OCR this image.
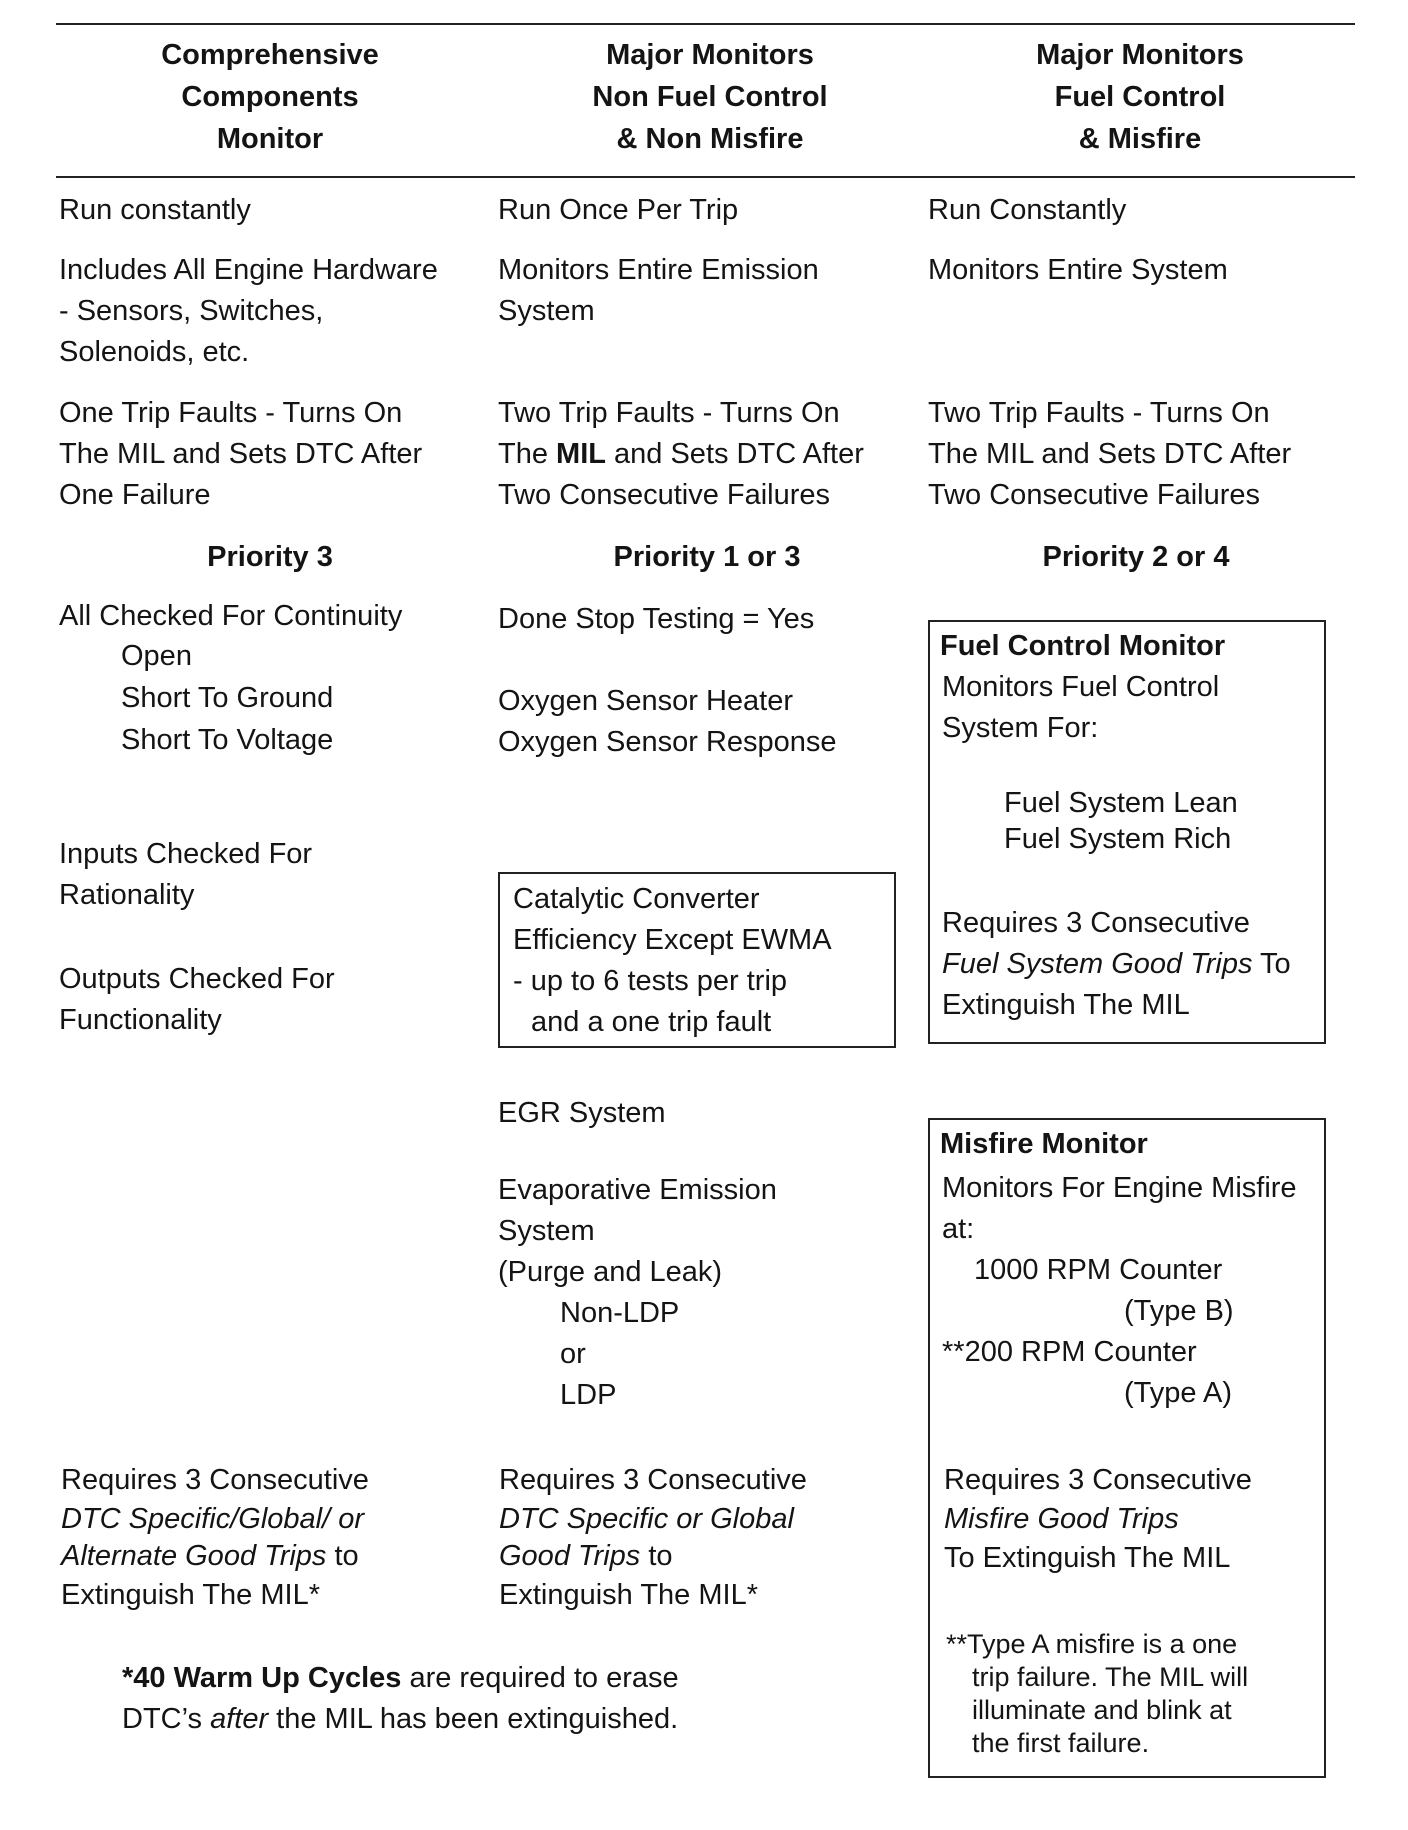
Comprehensive
Components
Monitor
Major Monitors
Non Fuel Control
& Non Misfire
Major Monitors
Fuel Control
& Misfire
Run constantly
Includes All Engine Hardware
- Sensors, Switches,
Solenoids, etc.
One Trip Faults - Turns On
The MIL and Sets DTC After
One Failure
Priority 3
All Checked For Continuity
Open
Short To Ground
Short To Voltage
Inputs Checked For
Rationality
Outputs Checked For
Functionality
Requires 3 Consecutive
DTC Specific/Global/ or
Alternate Good Trips to
Extinguish The MIL*
Run Once Per Trip
Monitors Entire Emission
System
Two Trip Faults - Turns On
The MIL and Sets DTC After
Two Consecutive Failures
Priority 1 or 3
Done Stop Testing = Yes
Oxygen Sensor Heater
Oxygen Sensor Response
Catalytic Converter
Efficiency Except EWMA
- up to 6 tests per trip
and a one trip fault
EGR System
Evaporative Emission
System
(Purge and Leak)
Non-LDP
or
LDP
Requires 3 Consecutive
DTC Specific or Global
Good Trips to
Extinguish The MIL*
Run Constantly
Monitors Entire System
Two Trip Faults - Turns On
The MIL and Sets DTC After
Two Consecutive Failures
Priority 2 or 4
Fuel Control Monitor
Monitors Fuel Control
System For:
Fuel System Lean
Fuel System Rich
Requires 3 Consecutive
Fuel System Good Trips To
Extinguish The MIL
Misfire Monitor
Monitors For Engine Misfire
at:
1000 RPM Counter
(Type B)
**200 RPM Counter
(Type A)
Requires 3 Consecutive
Misfire Good Trips
To Extinguish The MIL
**Type A misfire is a one
trip failure. The MIL will
illuminate and blink at
the first failure.
*40 Warm Up Cycles are required to erase
DTC’s after the MIL has been extinguished.
